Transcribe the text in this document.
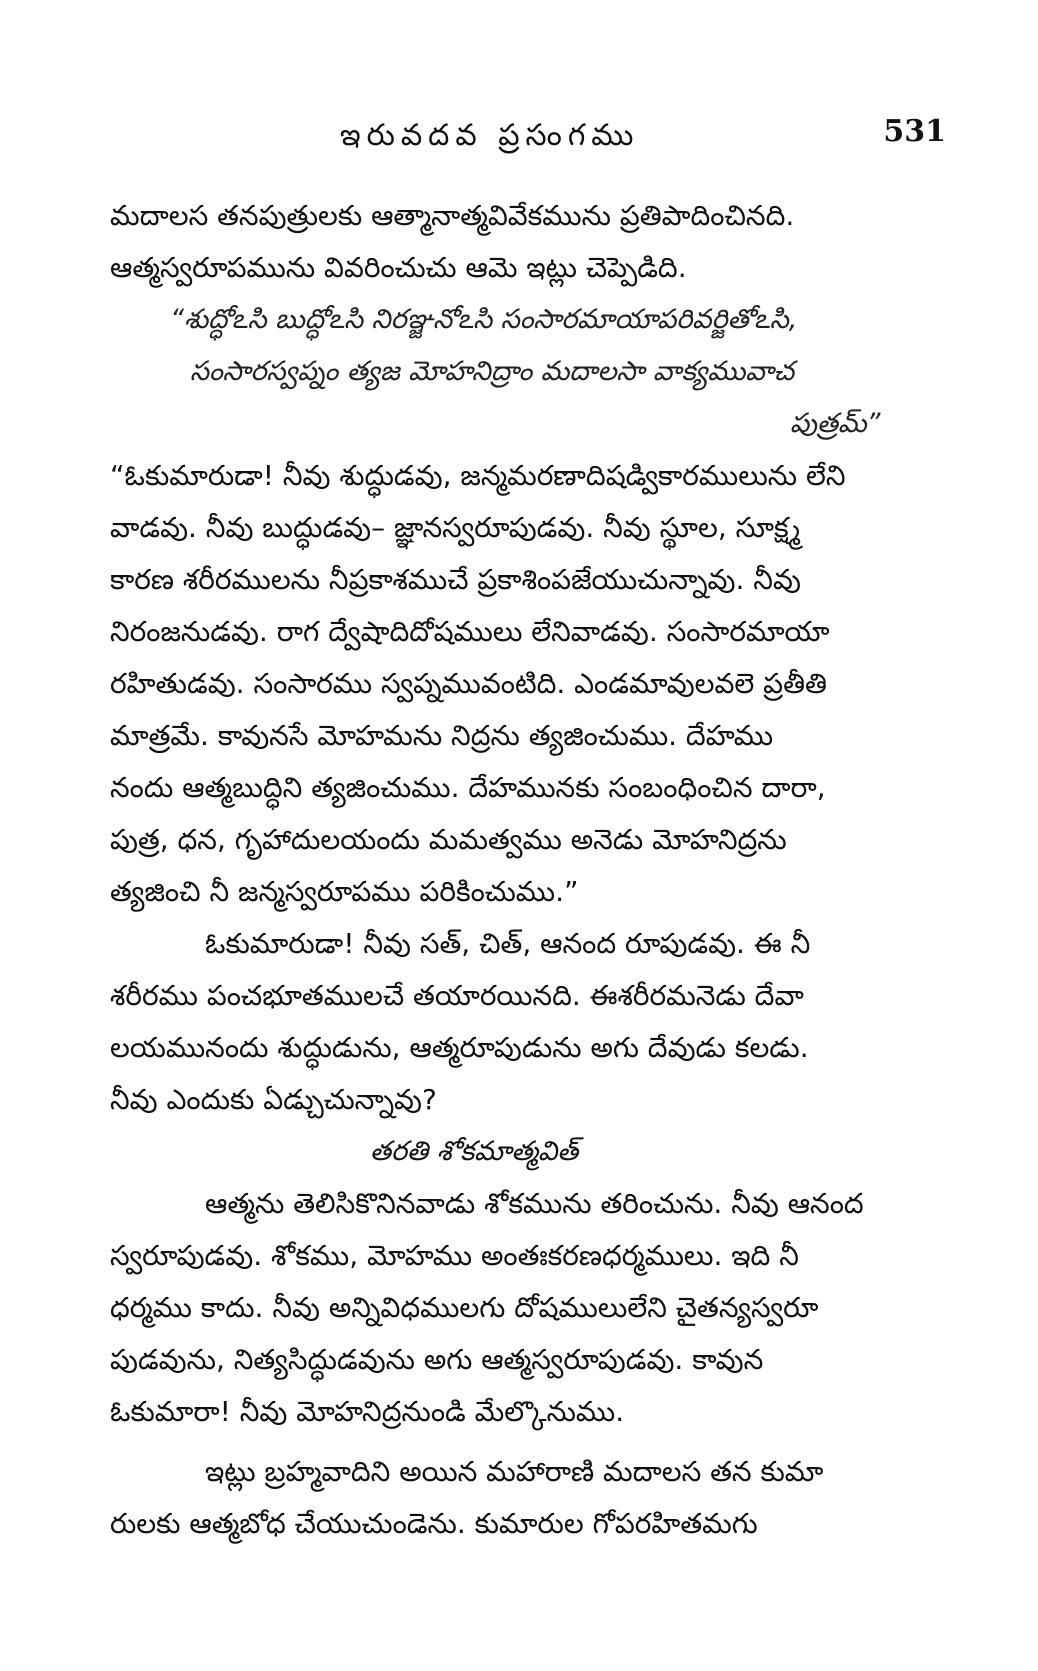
ఇరువదవ ప్రసంగము	531
మదాలస తనపుత్రులకు ఆత్మానాత్మవివేకమును ప్రతిపాదించినది.
ఆత్మస్వరూపమును వివరించుచు ఆమె ఇట్లు చెప్పెడిది.
“శుద్ధోఽసి బుద్ధోఽసి నిరఞ్జనోఽసి సంసారమాయాపరివర్జితోఽసి,
సంసారస్వప్నం త్యజ మోహనిద్రాం మదాలసా వాక్యమువాచ
పుత్రమ్”
“ఓకుమారుడా! నీవు శుద్ధుడవు, జన్మమరణాదిషడ్వికారములును లేని
వాడవు. నీవు బుద్ధుడవు– జ్ఞానస్వరూపుడవు. నీవు స్థూల, సూక్ష్మ
కారణ శరీరములను నీప్రకాశముచే ప్రకాశింపజేయుచున్నావు. నీవు
నిరంజనుడవు. రాగ ద్వేషాదిదోషములు లేనివాడవు. సంసారమాయా
రహితుడవు. సంసారము స్వప్నమువంటిది. ఎండమావులవలె ప్రతీతి
మాత్రమే. కావునసే మోహమను నిద్రను త్యజించుము. దేహము
నందు ఆత్మబుద్ధిని త్యజించుము. దేహమునకు సంబంధించిన దారా,
పుత్ర, ధన, గృహాదులయందు మమత్వము అనెడు మోహనిద్రను
త్యజించి నీ జన్మస్వరూపము పరికించుము.”
ఓకుమారుడా! నీవు సత్, చిత్, ఆనంద రూపుడవు. ఈ నీ
శరీరము పంచభూతములచే తయారయినది. ఈశరీరమనెడు దేవా
లయమునందు శుద్ధుడును, ఆత్మరూపుడును అగు దేవుడు కలడు.
నీవు ఎందుకు ఏడ్చుచున్నావు?
తరతి శోకమాత్మవిత్
ఆత్మను తెలిసికొనినవాడు శోకమును తరించును. నీవు ఆనంద
స్వరూపుడవు. శోకము, మోహము అంతఃకరణధర్మములు. ఇది నీ
ధర్మము కాదు. నీవు అన్నివిధములగు దోషములులేని చైతన్యస్వరూ
పుడవును, నిత్యసిద్ధుడవును అగు ఆత్మస్వరూపుడవు. కావున
ఓకుమారా! నీవు మోహనిద్రనుండి మేల్కొనుము.
ఇట్లు బ్రహ్మవాదిని అయిన మహారాణి మదాలస తన కుమా
రులకు ఆత్మబోధ చేయుచుండెను. కుమారుల గోపరహితమగు
